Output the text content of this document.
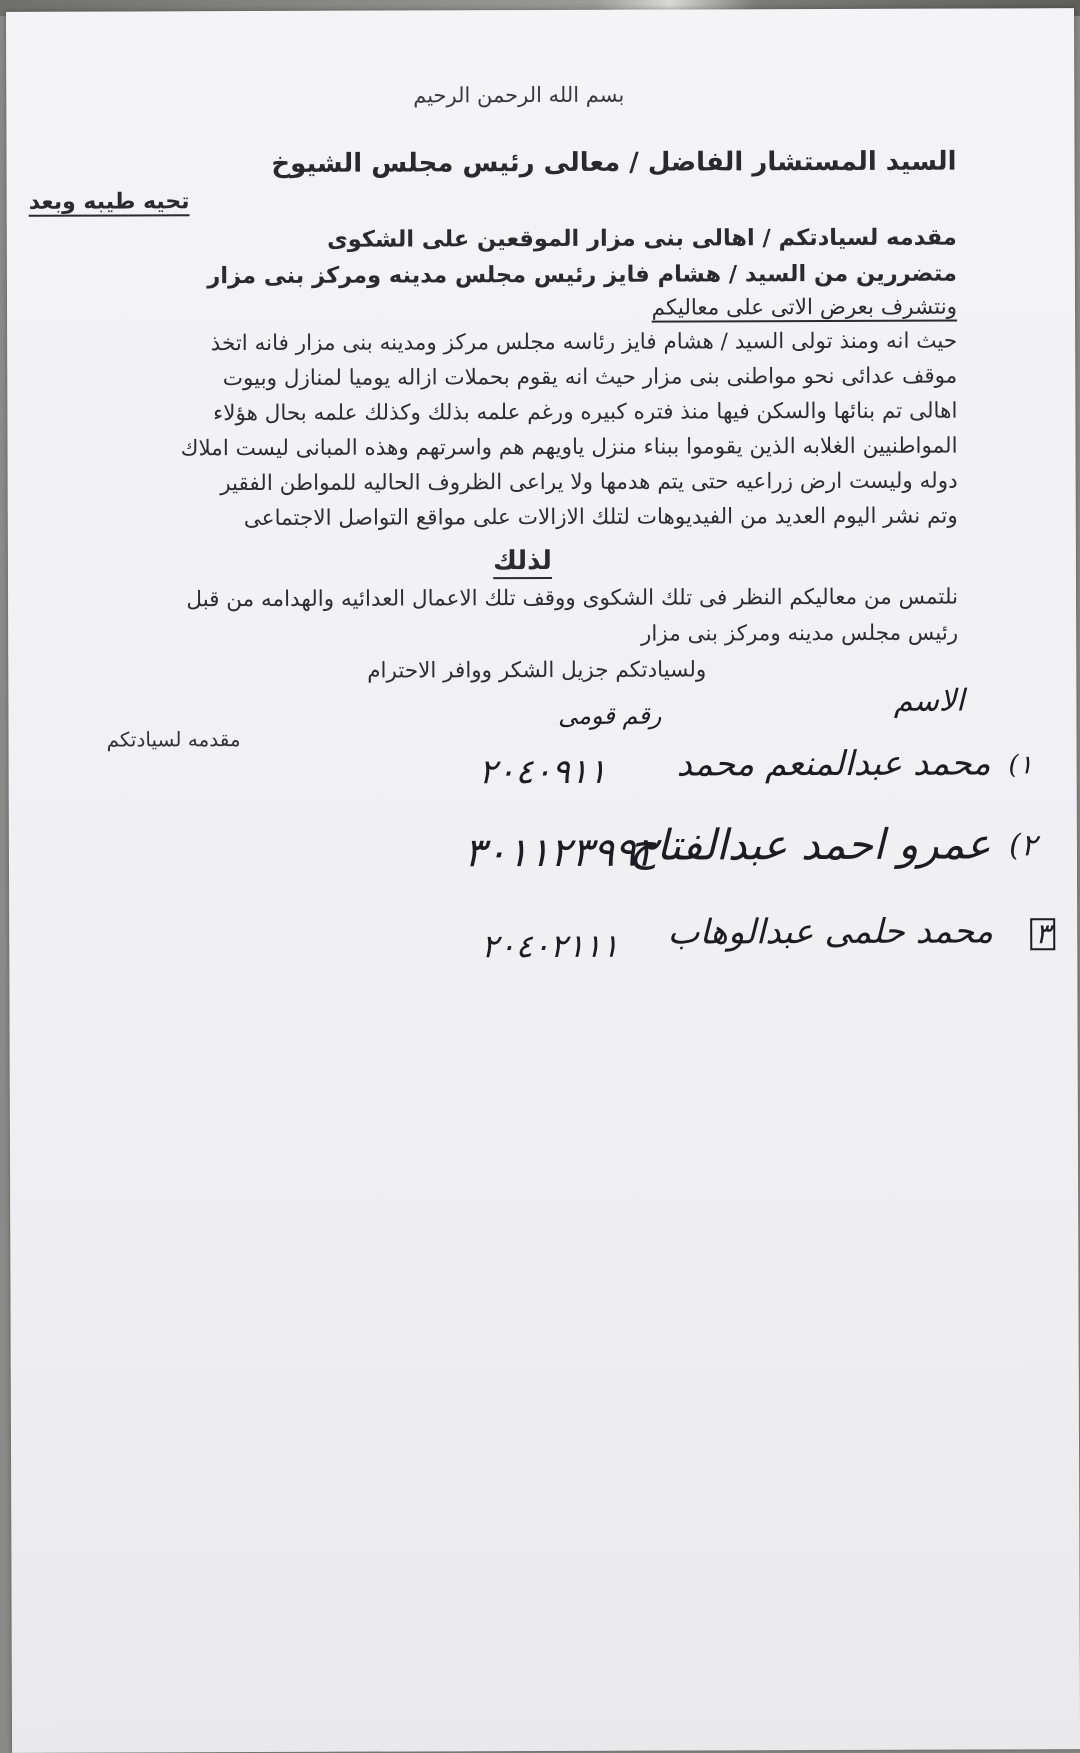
بسم الله الرحمن الرحيم
السيد المستشار الفاضل / معالى رئيس مجلس الشيوخ
تحيه طيبه وبعد
مقدمه لسيادتكم / اهالى بنى مزار الموقعين على الشكوى
متضررين من السيد / هشام فايز رئيس مجلس مدينه ومركز بنى مزار
ونتشرف بعرض الاتى على معاليكم
حيث انه ومنذ تولى السيد / هشام فايز رئاسه مجلس مركز ومدينه بنى مزار فانه اتخذ
موقف عدائى نحو مواطنى بنى مزار حيث انه يقوم بحملات ازاله يوميا لمنازل وبيوت
اهالى تم بنائها والسكن فيها منذ فتره كبيره ورغم علمه بذلك وكذلك علمه بحال هؤلاء
المواطنيين الغلابه الذين يقوموا ببناء منزل ياويهم هم واسرتهم وهذه المبانى ليست املاك
دوله وليست ارض زراعيه حتى يتم هدمها ولا يراعى الظروف الحاليه للمواطن الفقير
وتم نشر اليوم العديد من الفيديوهات لتلك الازالات على مواقع التواصل الاجتماعى
لذلك
نلتمس من معاليكم النظر فى تلك الشكوى ووقف تلك الاعمال العدائيه والهدامه من قبل
رئيس مجلس مدينه ومركز بنى مزار
ولسيادتكم جزيل الشكر ووافر الاحترام
مقدمه لسيادتكم
الاسم
رقم قومى
١)
محمد عبدالمنعم محمد
٢٠٤٠٩١١
٢)
عمرو احمد عبدالفتاح
٣٠١١٢٣٩٩٢
٣
محمد حلمى عبدالوهاب
٢٠٤٠٢١١١
